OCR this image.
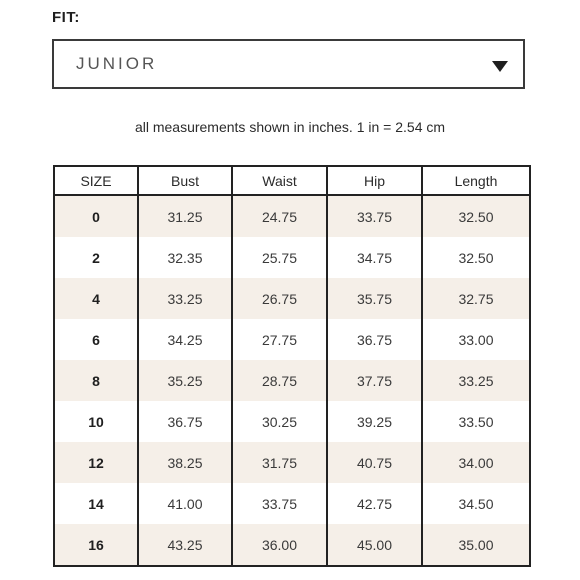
FIT:
JUNIOR
all measurements shown in inches. 1 in = 2.54 cm
SIZE	Bust	Waist	Hip	Length
0	31.25	24.75	33.75	32.50
2	32.35	25.75	34.75	32.50
4	33.25	26.75	35.75	32.75
6	34.25	27.75	36.75	33.00
8	35.25	28.75	37.75	33.25
10	36.75	30.25	39.25	33.50
12	38.25	31.75	40.75	34.00
14	41.00	33.75	42.75	34.50
16	43.25	36.00	45.00	35.00
